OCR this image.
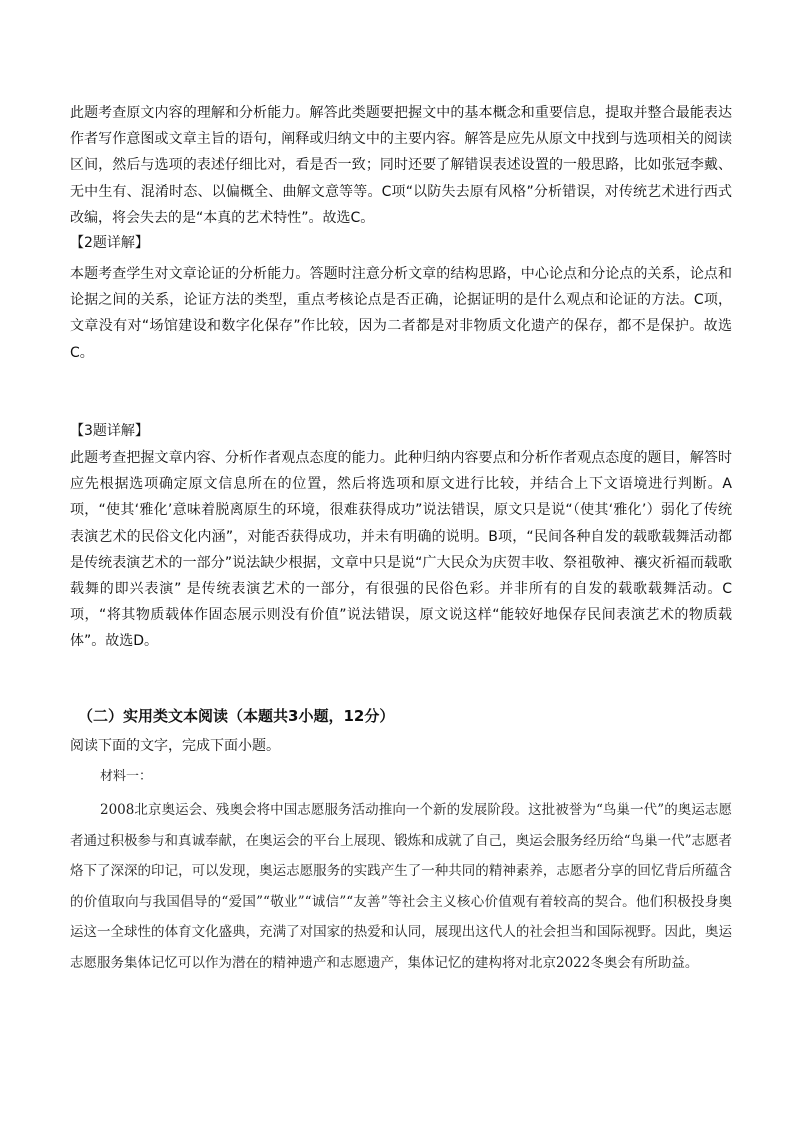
此题考查原文内容的理解和分析能力。解答此类题要把握文中的基本概念和重要信息，提取并整合最能表达作者写作意图或文章主旨的语句，阐释或归纳文中的主要内容。解答是应先从原文中找到与选项相关的阅读区间，然后与选项的表述仔细比对，看是否一致；同时还要了解错误表述设置的一般思路，比如张冠李戴、无中生有、混淆时态、以偏概全、曲解文意等等。C项“以防失去原有风格”分析错误，对传统艺术进行西式改编，将会失去的是“本真的艺术特性”。故选C。

【2题详解】

本题考查学生对文章论证的分析能力。答题时注意分析文章的结构思路，中心论点和分论点的关系，论点和论据之间的关系，论证方法的类型，重点考核论点是否正确，论据证明的是什么观点和论证的方法。C项，文章没有对“场馆建设和数字化保存”作比较，因为二者都是对非物质文化遗产的保存，都不是保护。故选C。

【3题详解】

此题考查把握文章内容、分析作者观点态度的能力。此种归纳内容要点和分析作者观点态度的题目，解答时应先根据选项确定原文信息所在的位置，然后将选项和原文进行比较，并结合上下文语境进行判断。A项，“使其‘雅化’意味着脱离原生的环境，很难获得成功”说法错误，原文只是说“（使其‘雅化’）弱化了传统表演艺术的民俗文化内涵”，对能否获得成功，并未有明确的说明。B项，“民间各种自发的载歌载舞活动都是传统表演艺术的一部分”说法缺少根据，文章中只是说“广大民众为庆贺丰收、祭祖敬神、禳灾祈福而载歌载舞的即兴表演” 是传统表演艺术的一部分，有很强的民俗色彩。并非所有的自发的载歌载舞活动。C项，“将其物质载体作固态展示则没有价值”说法错误，原文说这样“能较好地保存民间表演艺术的物质载体”。故选D。

（二）实用类文本阅读（本题共3小题，12分）

阅读下面的文字，完成下面小题。

材料一：

2008北京奥运会、残奥会将中国志愿服务活动推向一个新的发展阶段。这批被誉为“鸟巢一代”的奥运志愿者通过积极参与和真诚奉献，在奥运会的平台上展现、锻炼和成就了自己，奥运会服务经历给“鸟巢一代”志愿者烙下了深深的印记，可以发现，奥运志愿服务的实践产生了一种共同的精神素养，志愿者分享的回忆背后所蕴含的价值取向与我国倡导的“爱国”“敬业”“诚信”“友善”等社会主义核心价值观有着较高的契合。他们积极投身奥运这一全球性的体育文化盛典，充满了对国家的热爱和认同，展现出这代人的社会担当和国际视野。因此，奥运志愿服务集体记忆可以作为潜在的精神遗产和志愿遗产，集体记忆的建构将对北京2022冬奥会有所助益。
